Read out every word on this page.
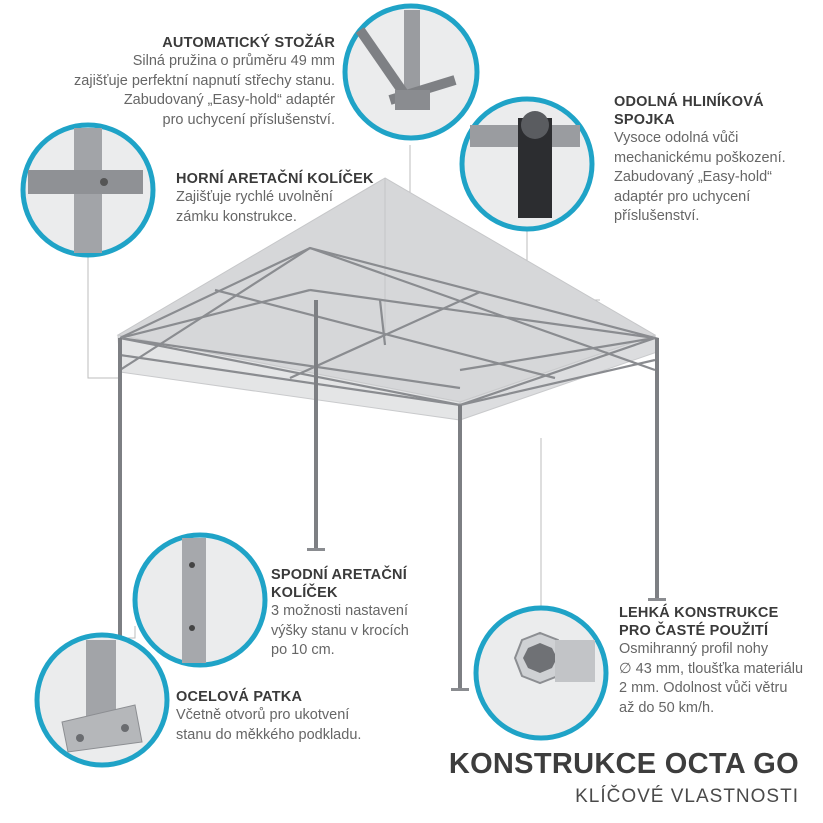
AUTOMATICKÝ STOŽÁR
Silná pružina o průměru 49 mm
zajišťuje perfektní napnutí střechy stanu.
Zabudovaný „Easy-hold“ adaptér
pro uchycení příslušenství.
HORNÍ ARETAČNÍ KOLÍČEK
Zajišťuje rychlé uvolnění
zámku konstrukce.
ODOLNÁ HLINÍKOVÁ
SPOJKA
Vysoce odolná vůči
mechanickému poškození.
Zabudovaný „Easy-hold“
adaptér pro uchycení
příslušenství.
SPODNÍ ARETAČNÍ
KOLÍČEK
3 možnosti nastavení
výšky stanu v krocích
po 10 cm.
LEHKÁ KONSTRUKCE
PRO ČASTÉ POUŽITÍ
Osmihranný profil nohy
∅ 43 mm, tloušťka materiálu
2 mm. Odolnost vůči větru
až do 50 km/h.
OCELOVÁ PATKA
Včetně otvorů pro ukotvení
stanu do měkkého podkladu.
KONSTRUKCE OCTA GO
KLÍČOVÉ VLASTNOSTI
